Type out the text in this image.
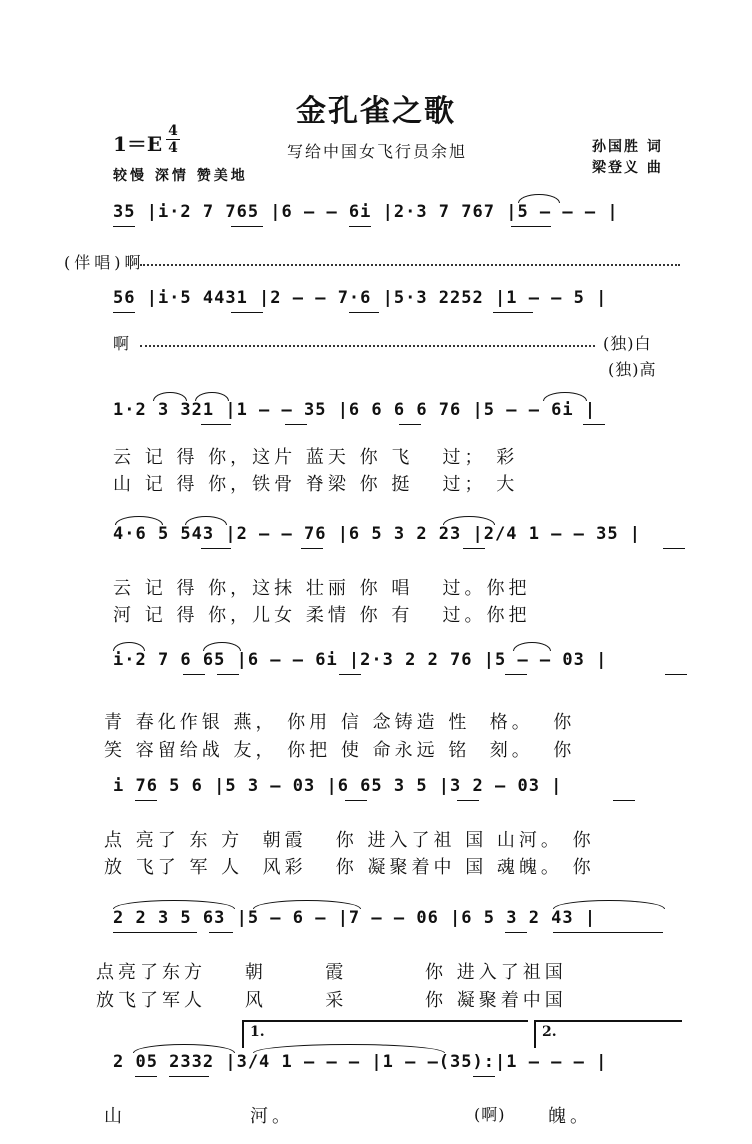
金孔雀之歌
1＝E
4
4	写给中国女飞行员余旭	孙国胜 词
梁登义 曲
较慢 深情 赞美地
35 |i·2 7 765 |6 — — 6i |2·3 7 767 |5 — — — |
(伴唱)啊
56 |i·5 4431 |2 — — 7·6 |5·3 2252 |1 — — 5 |
啊	(独)白
(独)高
1·2 3 321 |1 — — 35 |6 6 6 6 76 |5 — — 6i |
云 记 得 你，这片 蓝天 你 飞   过； 彩
山 记 得 你，铁骨 脊梁 你 挺   过； 大
4·6 5 543 |2 — — 76 |6 5 3 2 23 |2/4 1 — — 35 |
云 记 得 你，这抹 壮丽 你 唱   过。你把
河 记 得 你，儿女 柔情 你 有   过。你把
i·2 7 6 65 |6 — — 6i |2·3 2 2 76 |5 — — 03 |
青 春化作银 燕， 你用 信 念铸造 性  格。  你
笑 容留给战 友， 你把 使 命永远 铭  刻。  你
i 76 5 6 |5 3 — 03 |6 65 3 5 |3 2 — 03 |
点 亮了 东 方  朝霞   你 进入了祖 国 山河。 你
放 飞了 军 人  风彩   你 凝聚着中 国 魂魄。 你
2 2 3 5 63 |5 — 6 — |7 — — 06 |6 5 3 2 43 |
点亮了东方    朝      霞        你 进入了祖国
放飞了军人    风      采        你 凝聚着中国
1.	2.
2 05 2332 |3/4 1 — — — |1 — —(35):|1 — — — |
山	河。	(啊) 魄。
